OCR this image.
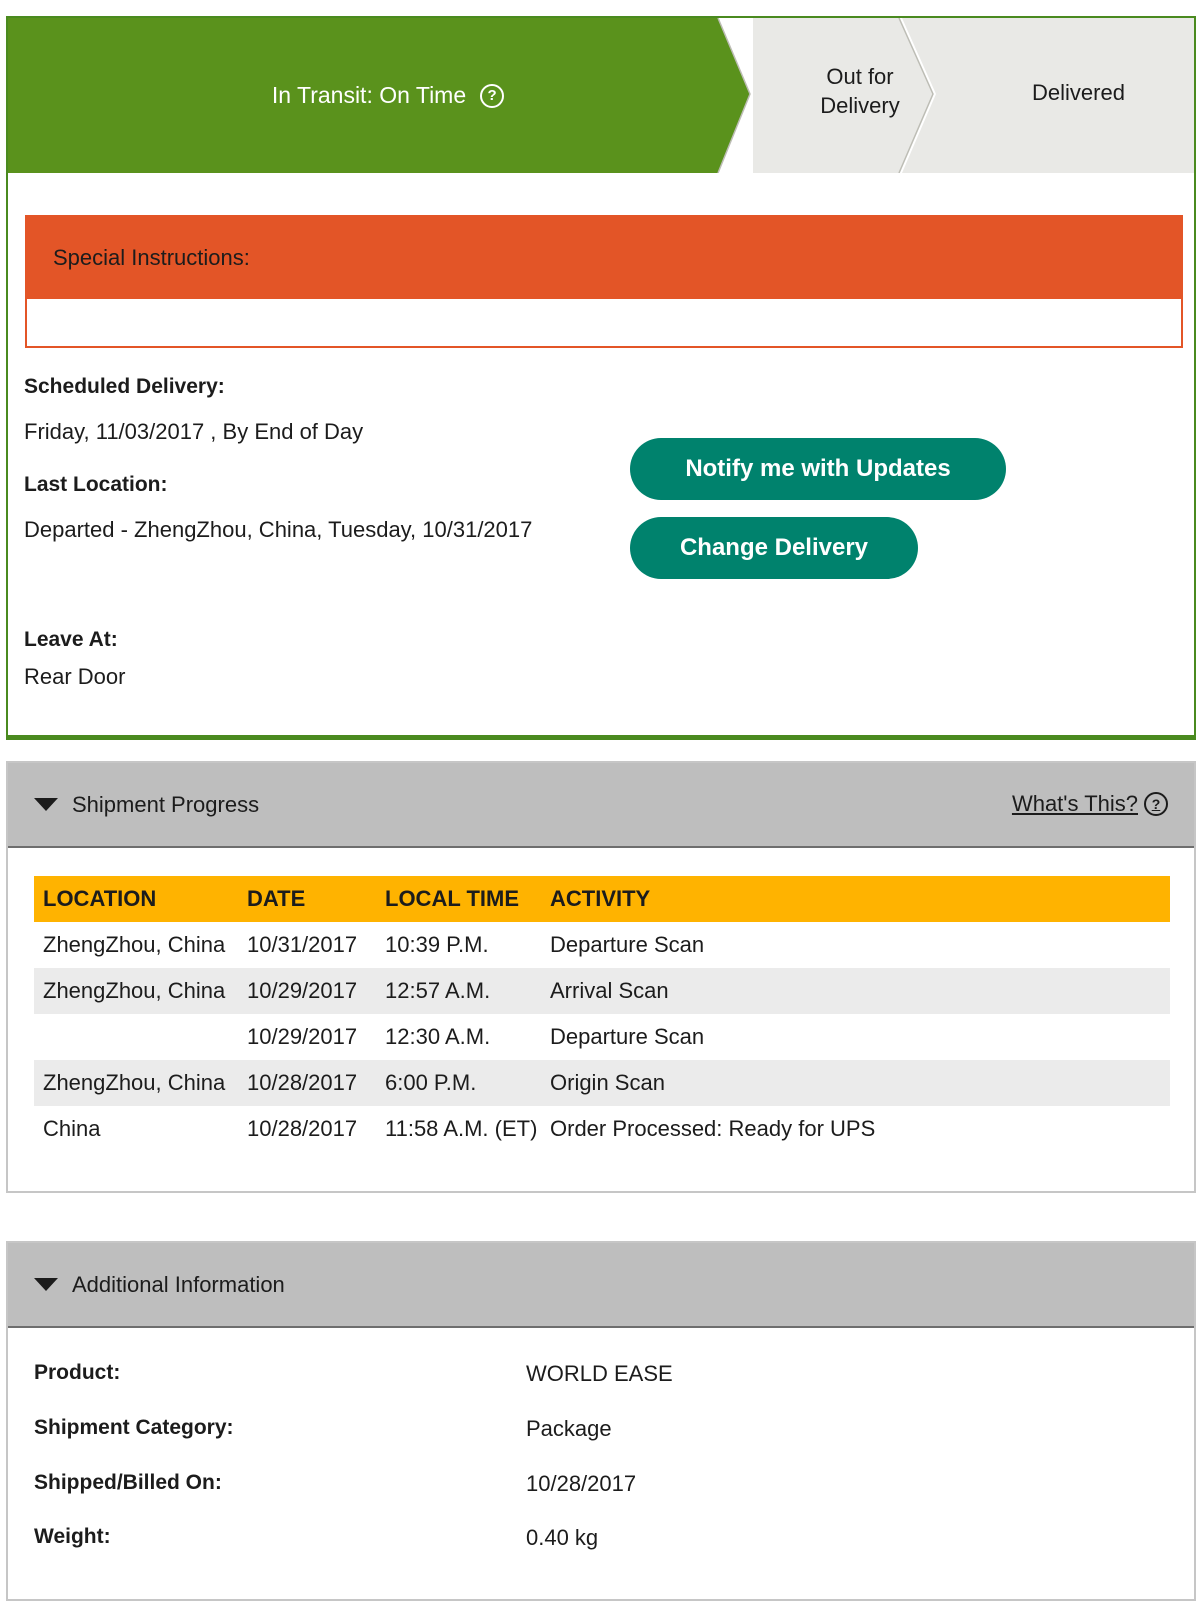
In Transit: On Time	?
Out for
Delivery
Delivered
Special Instructions:
Scheduled Delivery:
Friday, 11/03/2017 , By End of Day
Last Location:
Departed - ZhengZhou, China, Tuesday, 10/31/2017
Leave At:
Rear Door
Notify me with Updates
Change Delivery
Shipment Progress	What's This? ?
LOCATION	DATE	LOCAL TIME	ACTIVITY
ZhengZhou, China	10/31/2017	10:39 P.M.	Departure Scan
ZhengZhou, China	10/29/2017	12:57 A.M.	Arrival Scan
	10/29/2017	12:30 A.M.	Departure Scan
ZhengZhou, China	10/28/2017	6:00 P.M.	Origin Scan
China	10/28/2017	11:58 A.M. (ET)	Order Processed: Ready for UPS
Additional Information
Product:	WORLD EASE
Shipment Category:	Package
Shipped/Billed On:	10/28/2017
Weight:	0.40 kg
